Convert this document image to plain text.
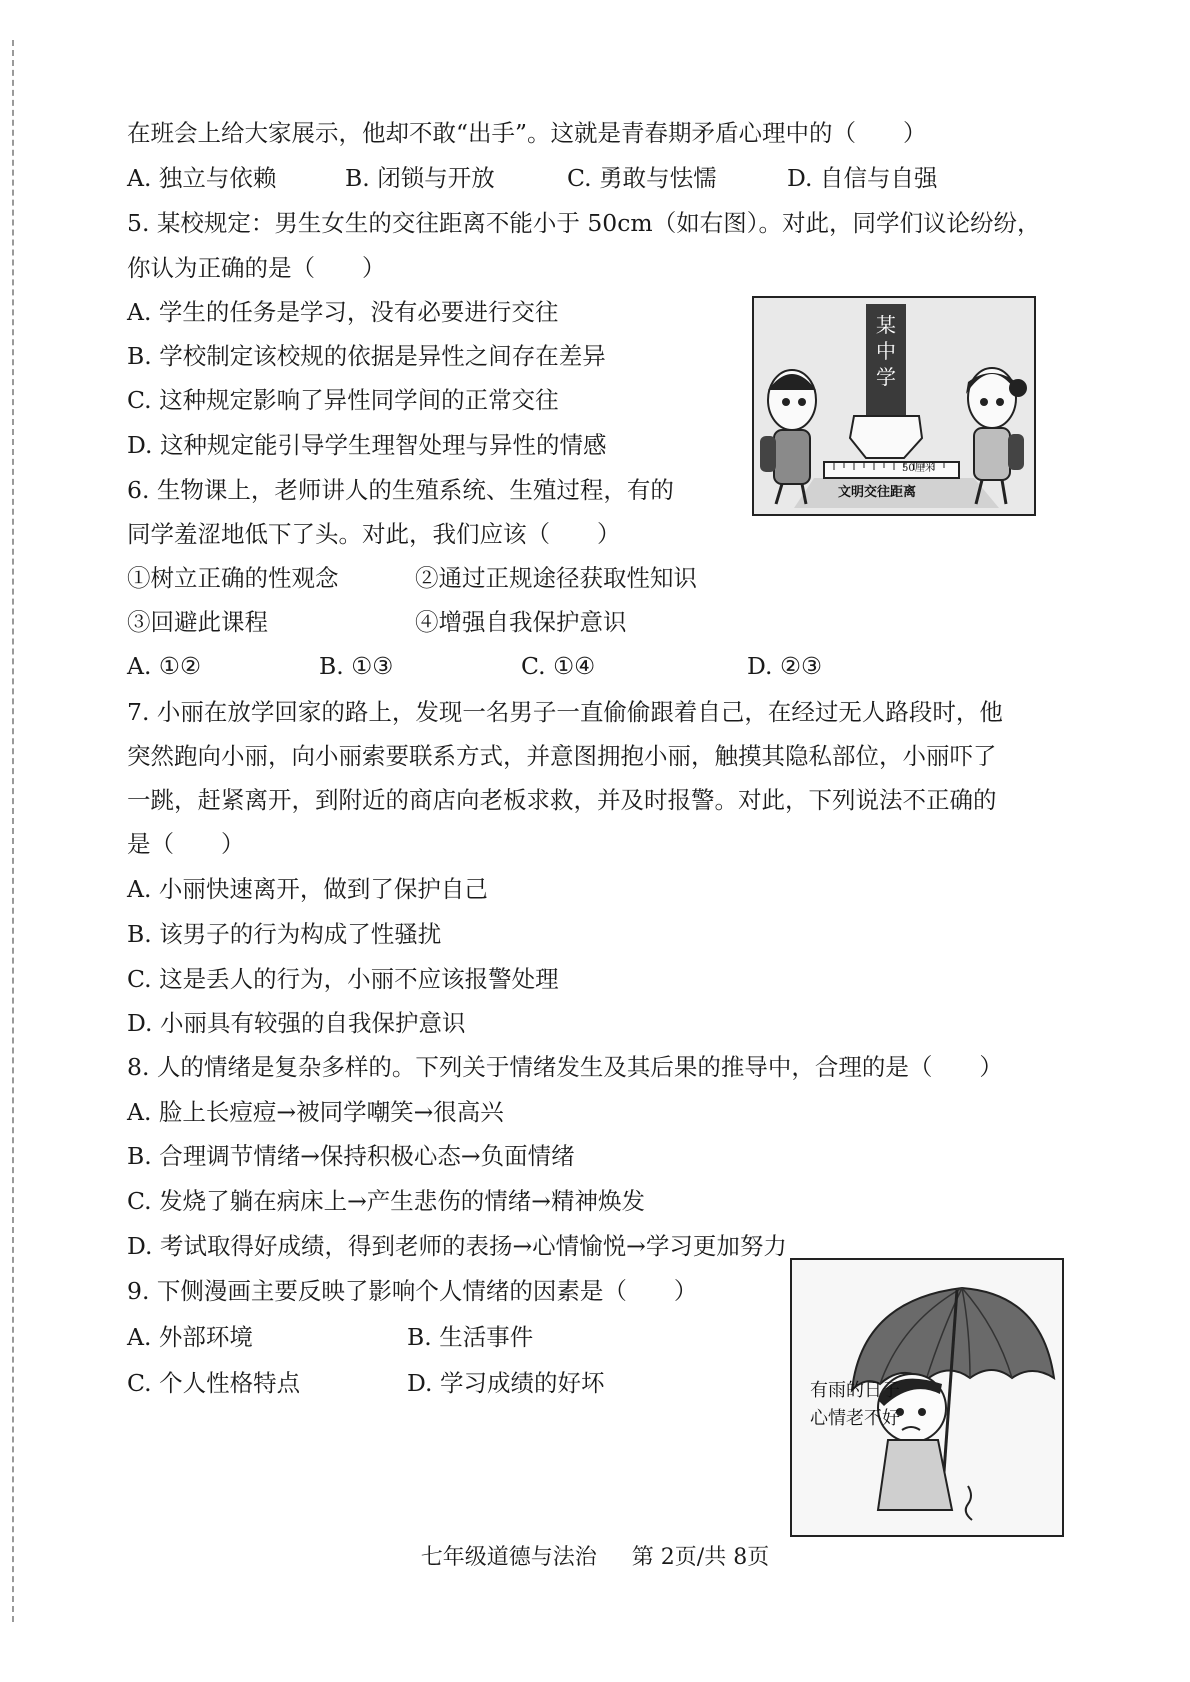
在班会上给大家展示，他却不敢“出手”。这就是青春期矛盾心理中的（　　）
A. 独立与依赖	B. 闭锁与开放	C. 勇敢与怯懦	D. 自信与自强
5. 某校规定：男生女生的交往距离不能小于 50cm（如右图）。对此，同学们议论纷纷，
你认为正确的是（　　）
A. 学生的任务是学习，没有必要进行交往
B. 学校制定该校规的依据是异性之间存在差异
C. 这种规定影响了异性同学间的正常交往
D. 这种规定能引导学生理智处理与异性的情感
某中学
50厘米
文明交往距离
6. 生物课上，老师讲人的生殖系统、生殖过程，有的
同学羞涩地低下了头。对此，我们应该（　　）
①树立正确的性观念	②通过正规途径获取性知识
③回避此课程	④增强自我保护意识
A. ①②	B. ①③	C. ①④	D. ②③
7. 小丽在放学回家的路上，发现一名男子一直偷偷跟着自己，在经过无人路段时，他
突然跑向小丽，向小丽索要联系方式，并意图拥抱小丽，触摸其隐私部位，小丽吓了
一跳，赶紧离开，到附近的商店向老板求救，并及时报警。对此，下列说法不正确的
是（　　）
A. 小丽快速离开，做到了保护自己
B. 该男子的行为构成了性骚扰
C. 这是丢人的行为，小丽不应该报警处理
D. 小丽具有较强的自我保护意识
8. 人的情绪是复杂多样的。下列关于情绪发生及其后果的推导中，合理的是（　　）
A. 脸上长痘痘→被同学嘲笑→很高兴
B. 合理调节情绪→保持积极心态→负面情绪
C. 发烧了躺在病床上→产生悲伤的情绪→精神焕发
D. 考试取得好成绩，得到老师的表扬→心情愉悦→学习更加努力
9. 下侧漫画主要反映了影响个人情绪的因素是（　　）
A. 外部环境	B. 生活事件
C. 个人性格特点	D. 学习成绩的好坏	有雨的日子
心情老不好
七年级道德与法治 第 2页/共 8页
